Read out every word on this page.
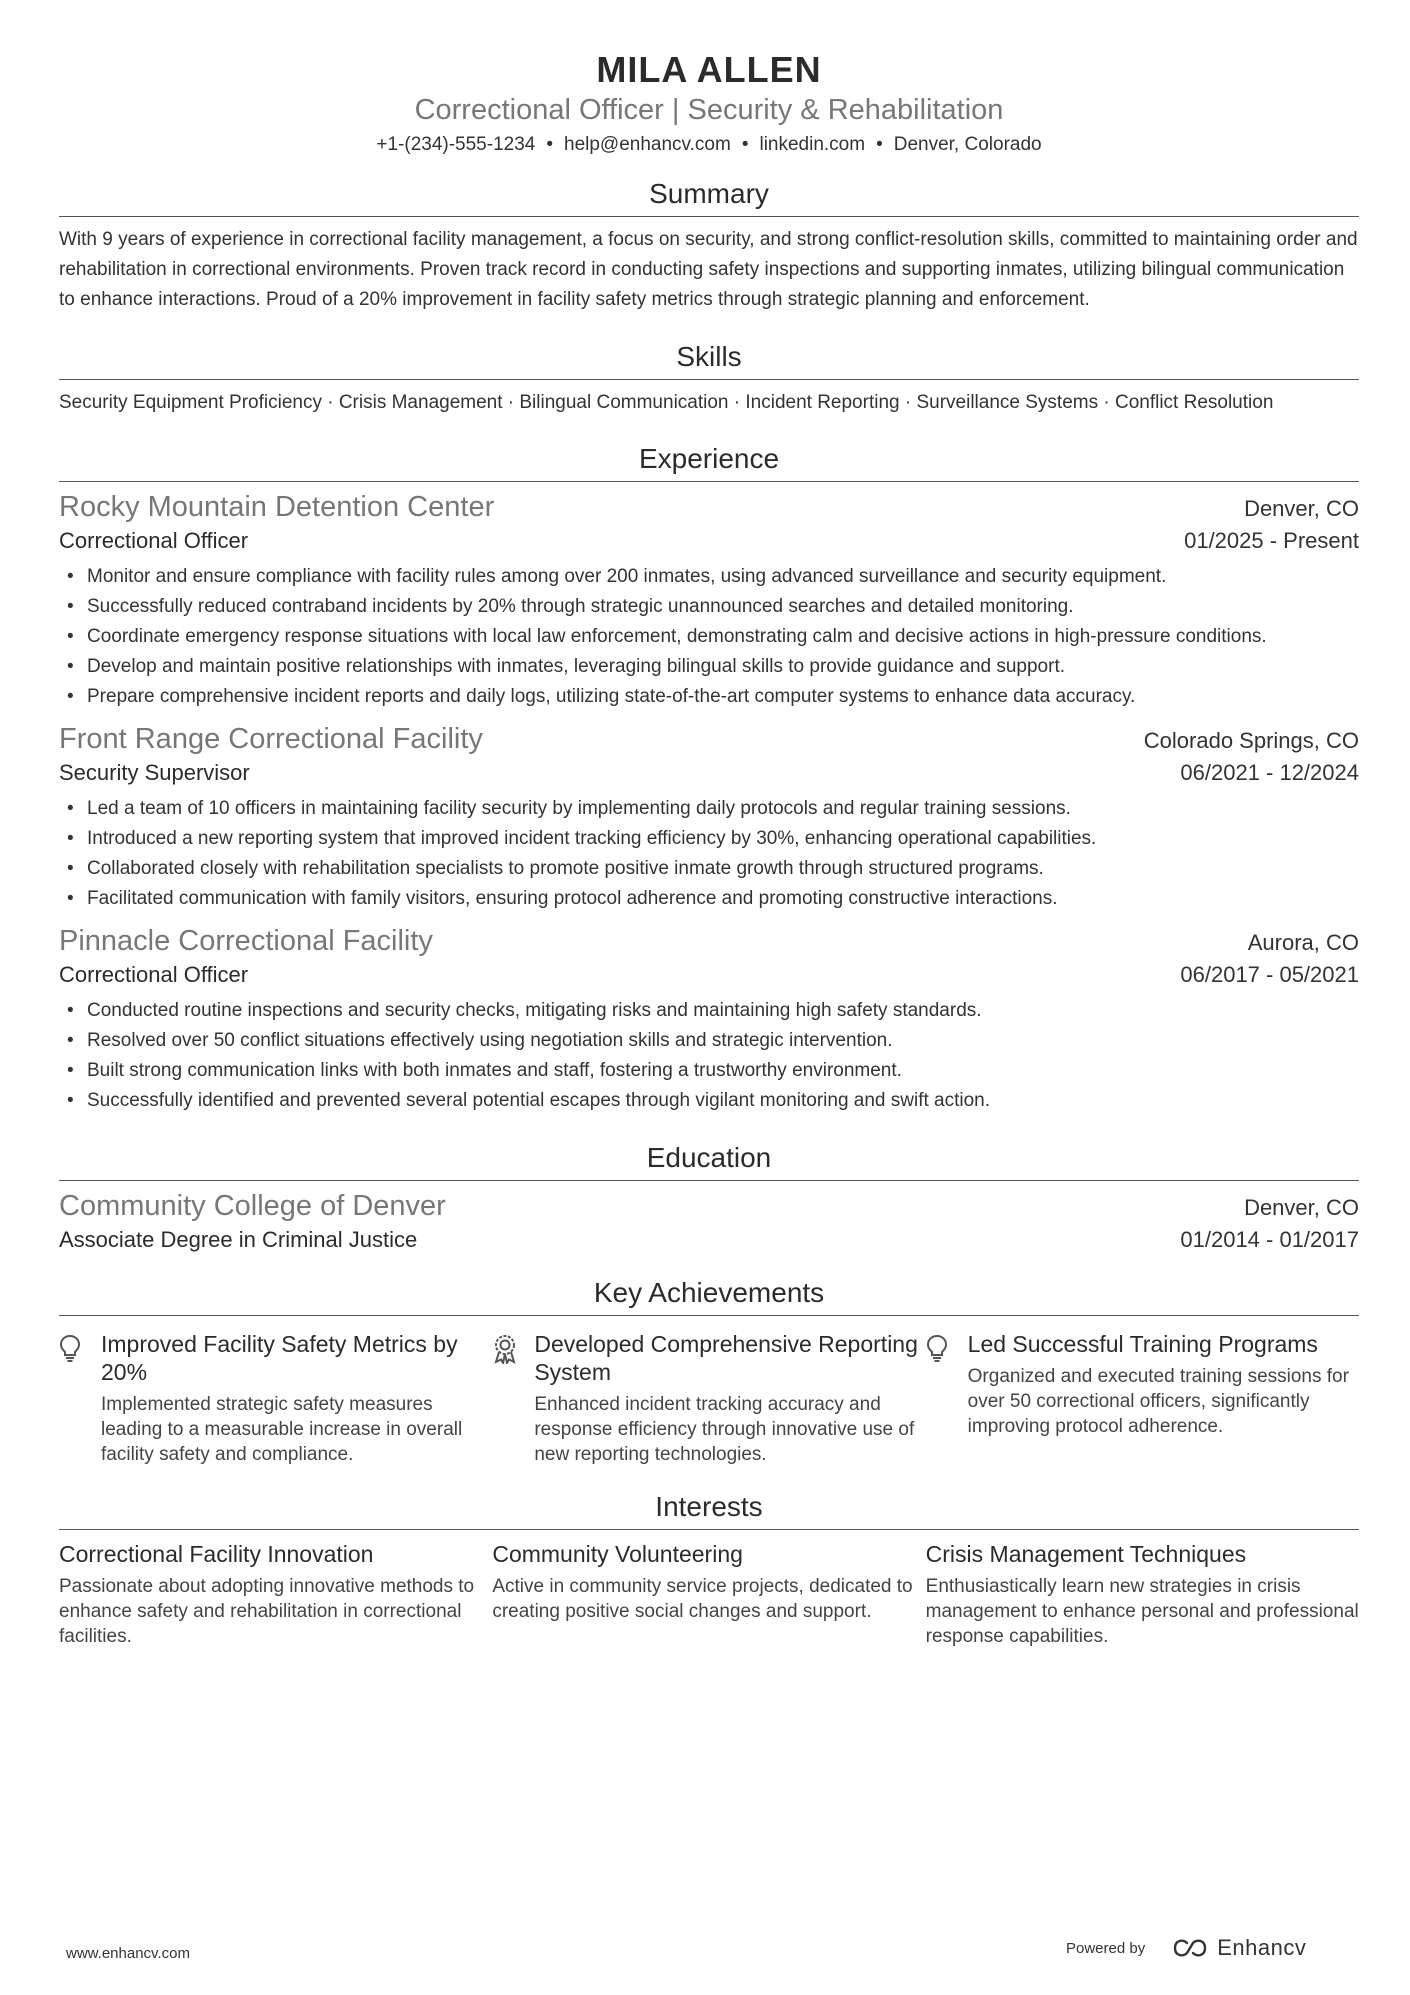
MILA ALLEN
Correctional Officer | Security & Rehabilitation
+1-(234)-555-1234 • help@enhancv.com • linkedin.com • Denver, Colorado
Summary
With 9 years of experience in correctional facility management, a focus on security, and strong conflict-resolution skills, committed to maintaining order and rehabilitation in correctional environments. Proven track record in conducting safety inspections and supporting inmates, utilizing bilingual communication to enhance interactions. Proud of a 20% improvement in facility safety metrics through strategic planning and enforcement.
Skills
Security Equipment Proficiency · Crisis Management · Bilingual Communication · Incident Reporting · Surveillance Systems · Conflict Resolution
Experience
Rocky Mountain Detention Center	Denver, CO
Correctional Officer	01/2025 - Present
• Monitor and ensure compliance with facility rules among over 200 inmates, using advanced surveillance and security equipment.
• Successfully reduced contraband incidents by 20% through strategic unannounced searches and detailed monitoring.
• Coordinate emergency response situations with local law enforcement, demonstrating calm and decisive actions in high-pressure conditions.
• Develop and maintain positive relationships with inmates, leveraging bilingual skills to provide guidance and support.
• Prepare comprehensive incident reports and daily logs, utilizing state-of-the-art computer systems to enhance data accuracy.
Front Range Correctional Facility	Colorado Springs, CO
Security Supervisor	06/2021 - 12/2024
• Led a team of 10 officers in maintaining facility security by implementing daily protocols and regular training sessions.
• Introduced a new reporting system that improved incident tracking efficiency by 30%, enhancing operational capabilities.
• Collaborated closely with rehabilitation specialists to promote positive inmate growth through structured programs.
• Facilitated communication with family visitors, ensuring protocol adherence and promoting constructive interactions.
Pinnacle Correctional Facility	Aurora, CO
Correctional Officer	06/2017 - 05/2021
• Conducted routine inspections and security checks, mitigating risks and maintaining high safety standards.
• Resolved over 50 conflict situations effectively using negotiation skills and strategic intervention.
• Built strong communication links with both inmates and staff, fostering a trustworthy environment.
• Successfully identified and prevented several potential escapes through vigilant monitoring and swift action.
Education
Community College of Denver	Denver, CO
Associate Degree in Criminal Justice	01/2014 - 01/2017
Key Achievements
Improved Facility Safety Metrics by 20%
Implemented strategic safety measures leading to a measurable increase in overall facility safety and compliance.
Developed Comprehensive Reporting System
Enhanced incident tracking accuracy and response efficiency through innovative use of new reporting technologies.
Led Successful Training Programs
Organized and executed training sessions for over 50 correctional officers, significantly improving protocol adherence.
Interests
Correctional Facility Innovation
Passionate about adopting innovative methods to enhance safety and rehabilitation in correctional facilities.
Community Volunteering
Active in community service projects, dedicated to creating positive social changes and support.
Crisis Management Techniques
Enthusiastically learn new strategies in crisis management to enhance personal and professional response capabilities.
www.enhancv.com	Powered by	Enhancv
